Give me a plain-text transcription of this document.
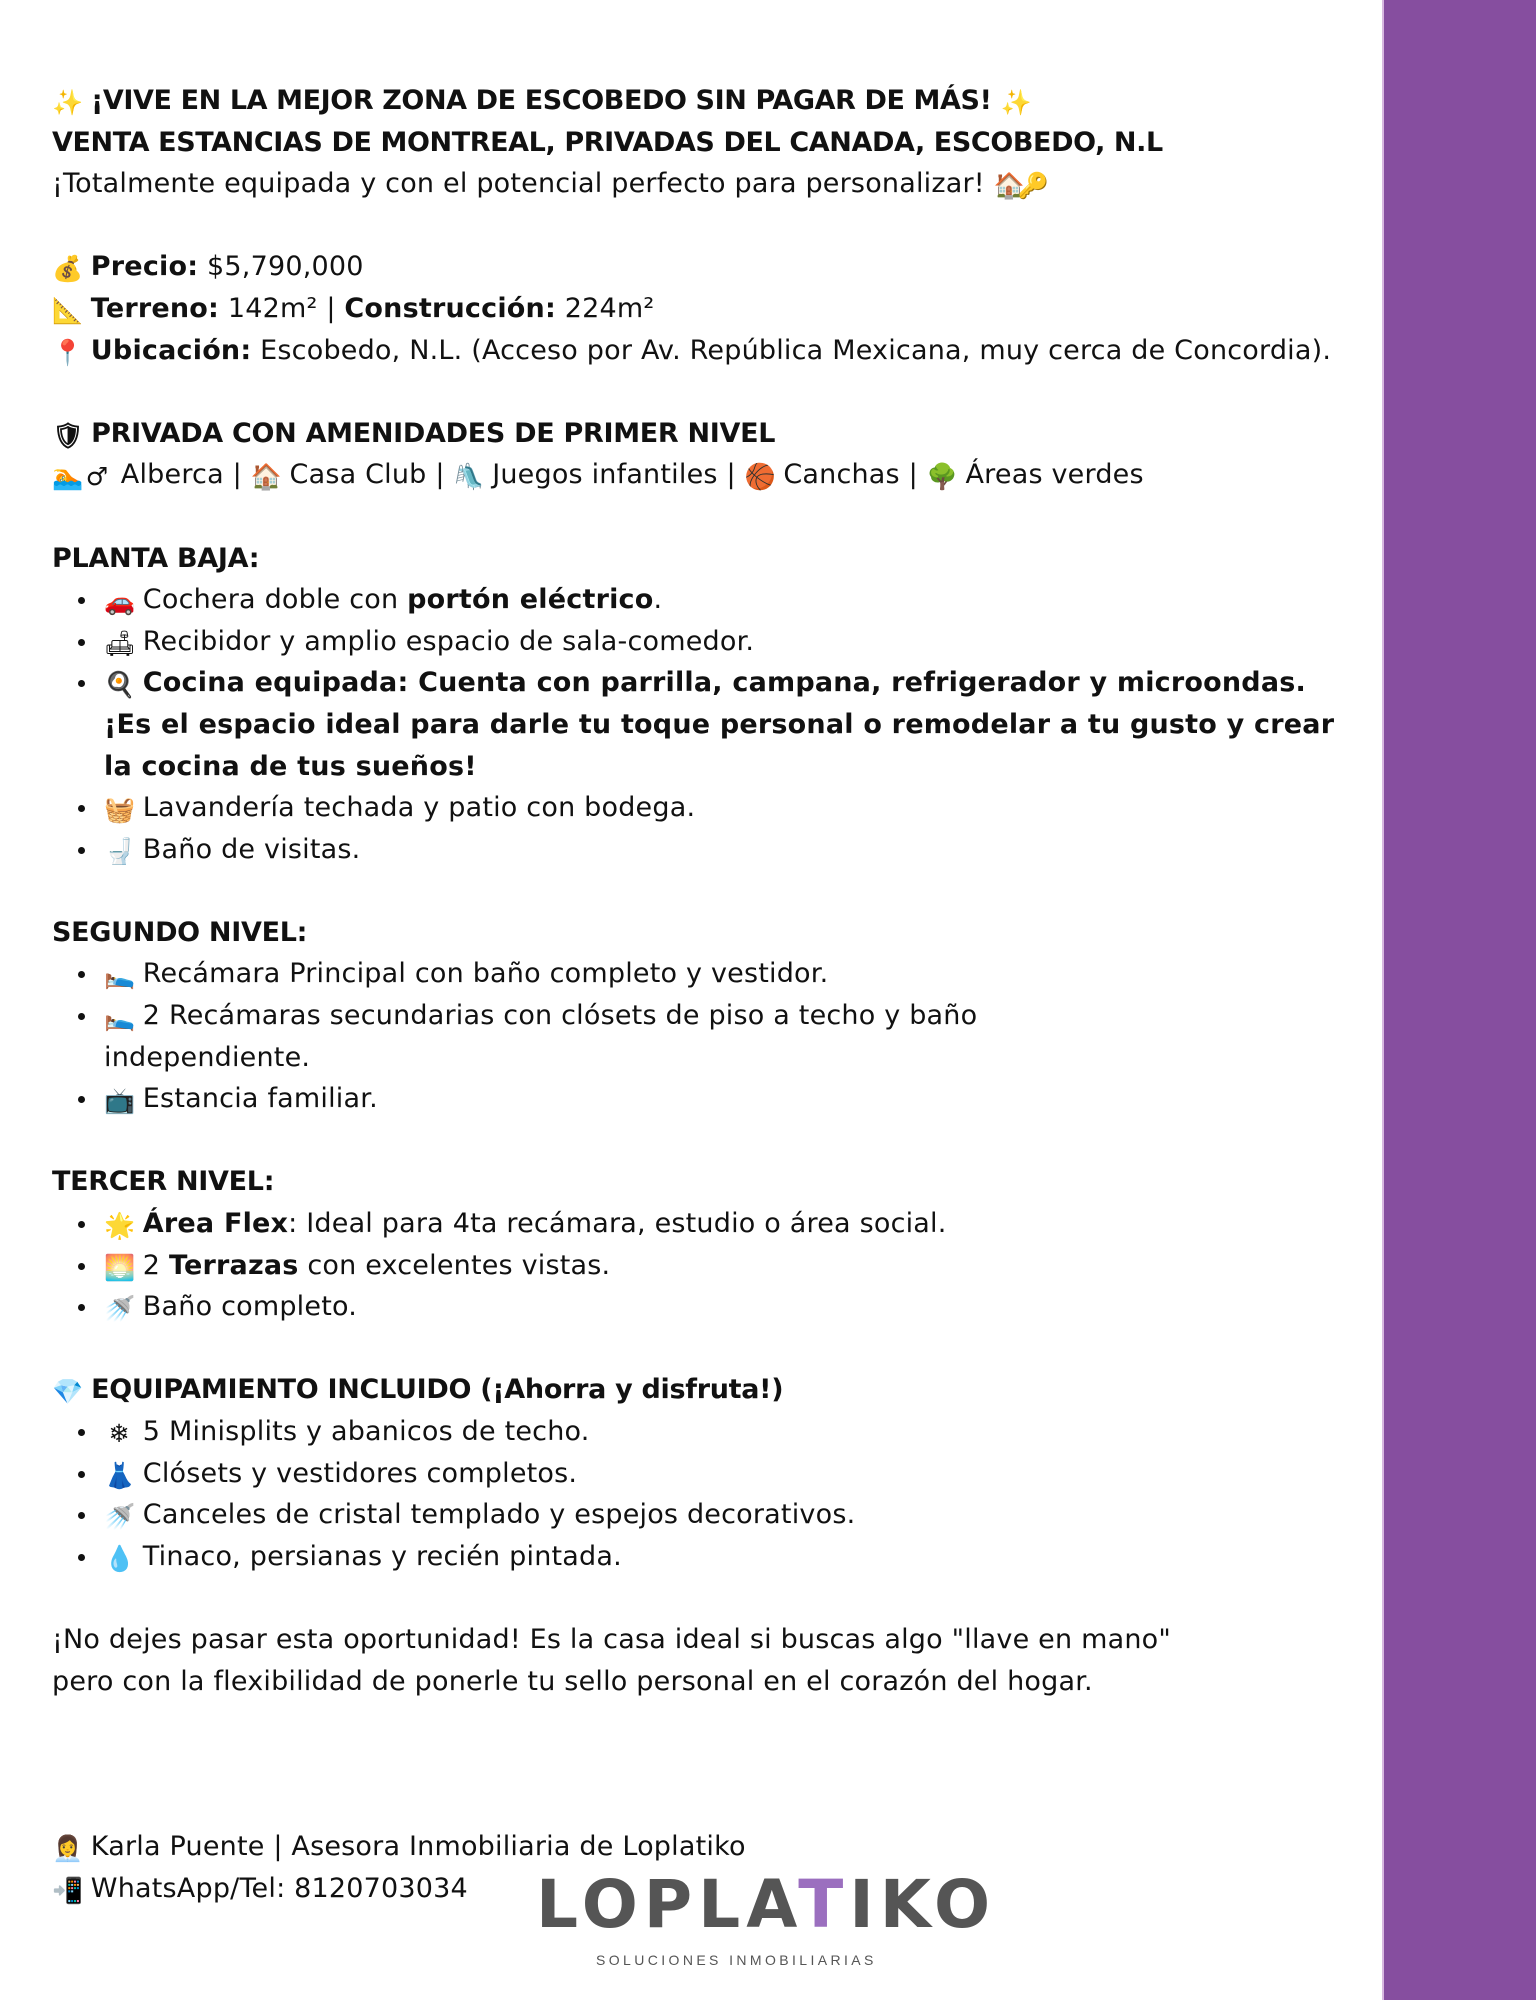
✨ ¡VIVE EN LA MEJOR ZONA DE ESCOBEDO SIN PAGAR DE MÁS! ✨
VENTA ESTANCIAS DE MONTREAL, PRIVADAS DEL CANADA, ESCOBEDO, N.L
¡Totalmente equipada y con el potencial perfecto para personalizar! 🏠🔑
💰 Precio: $5,790,000
📐 Terreno: 142m² | Construcción: 224m²
📍 Ubicación: Escobedo, N.L. (Acceso por Av. República Mexicana, muy cerca de Concordia).
🛡 PRIVADA CON AMENIDADES DE PRIMER NIVEL
🏊♂ Alberca | 🏠 Casa Club | 🛝 Juegos infantiles | 🏀 Canchas | 🌳 Áreas verdes
PLANTA BAJA:
🚗 Cochera doble con portón eléctrico.
🛋 Recibidor y amplio espacio de sala-comedor.
🍳 Cocina equipada: Cuenta con parrilla, campana, refrigerador y microondas. ¡Es el espacio ideal para darle tu toque personal o remodelar a tu gusto y crear la cocina de tus sueños!
🧺 Lavandería techada y patio con bodega.
🚽 Baño de visitas.
SEGUNDO NIVEL:
🛌 Recámara Principal con baño completo y vestidor.
🛌 2 Recámaras secundarias con clósets de piso a techo y baño independiente.
📺 Estancia familiar.
TERCER NIVEL:
🌟 Área Flex: Ideal para 4ta recámara, estudio o área social.
🌅 2 Terrazas con excelentes vistas.
🚿 Baño completo.
💎 EQUIPAMIENTO INCLUIDO (¡Ahorra y disfruta!)
❄ 5 Minisplits y abanicos de techo.
👗 Clósets y vestidores completos.
🚿 Canceles de cristal templado y espejos decorativos.
💧 Tinaco, persianas y recién pintada.
¡No dejes pasar esta oportunidad! Es la casa ideal si buscas algo "llave en mano"
pero con la flexibilidad de ponerle tu sello personal en el corazón del hogar.
👩‍💼 Karla Puente | Asesora Inmobiliaria de Loplatiko
📲 WhatsApp/Tel: 8120703034	LOPLATIKO
SOLUCIONES INMOBILIARIAS
